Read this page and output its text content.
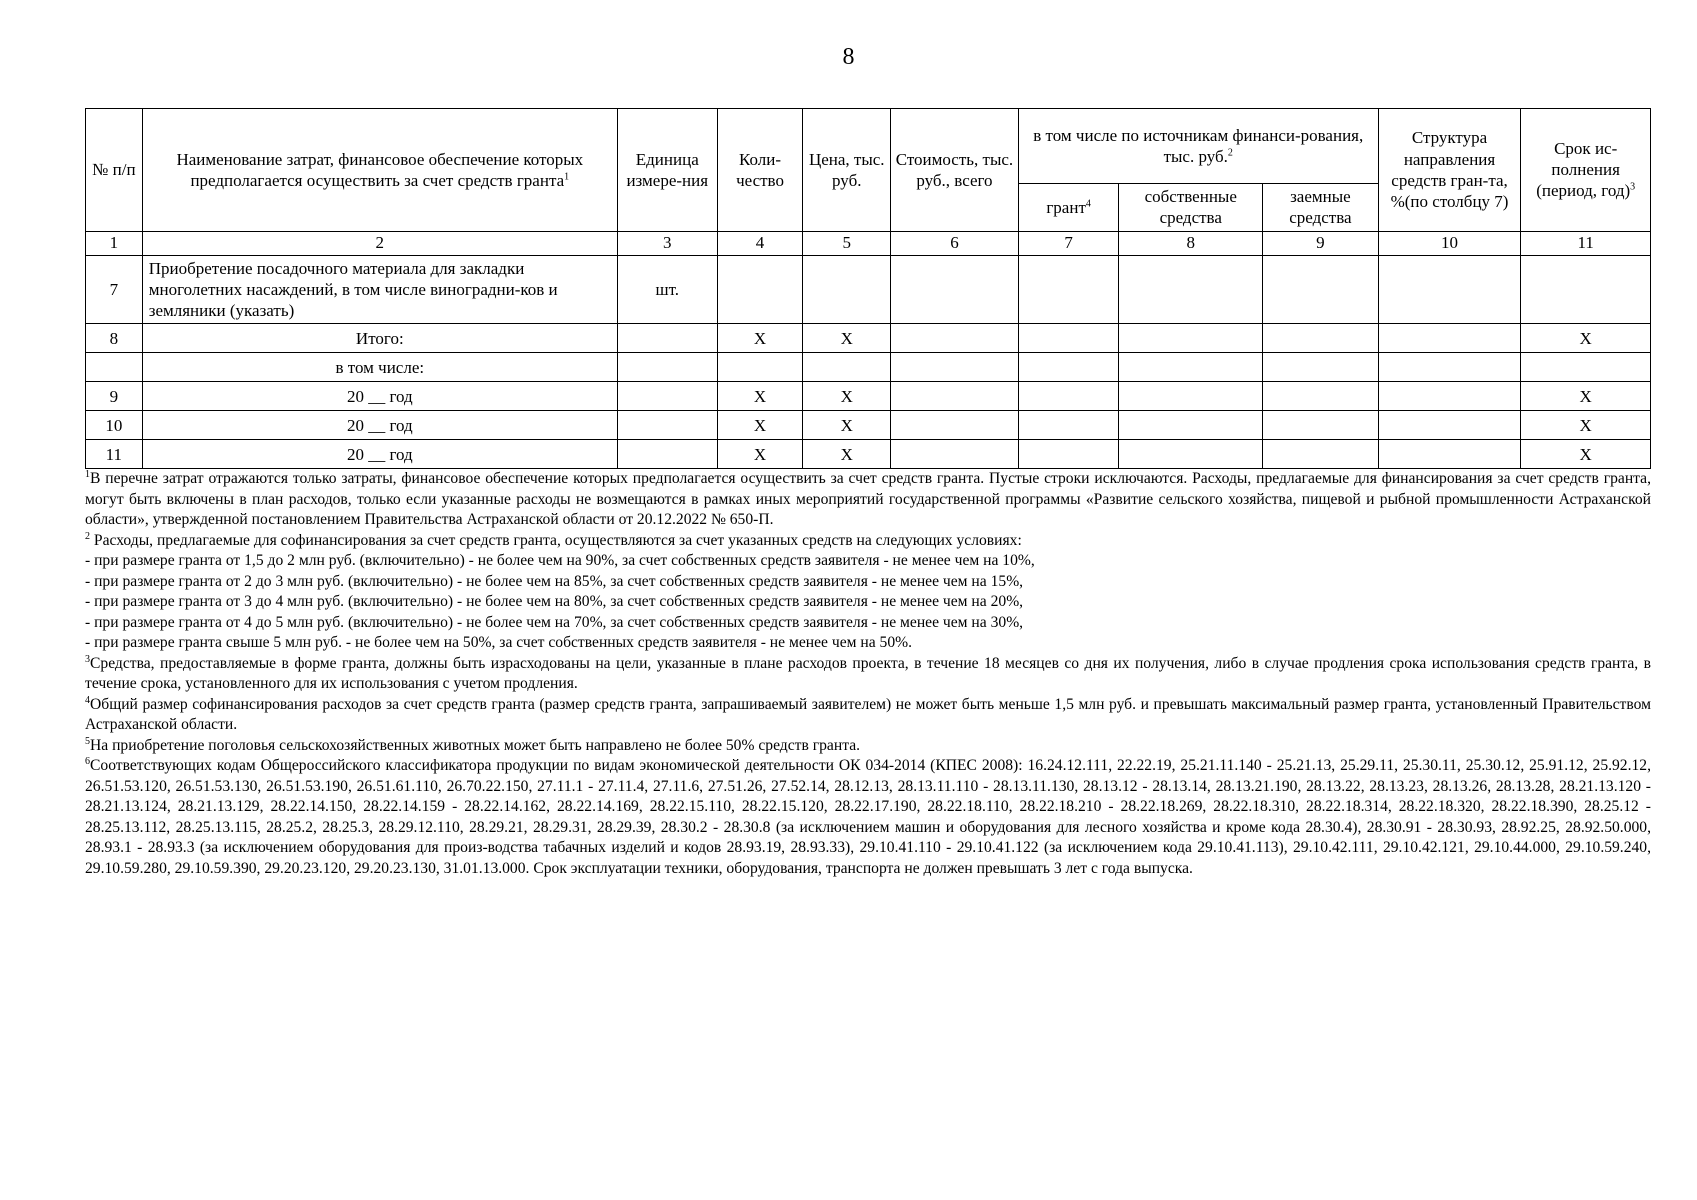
8
№ п/п	Наименование затрат, финансовое обеспечение которых предполагается осуществить за счет средств гранта$^1$	Единица измере-ния	Коли-чество	Цена, тыс. руб.	Стоимость, тыс. руб., всего	в том числе по источникам финанси-рования, тыс. руб.$^2$			Структура направления средств гран-та, %(по столбцу 7)	Срок ис-полнения (период, год)$^3$
						грант$^4$	собственные средства	заемные средства		
1	2	3	4	5	6	7	8	9	10	11
7	Приобретение посадочного материала для закладки многолетних насаждений, в том числе виноградни-ков и земляники (указать)	шт.								
8	Итого:		X	X						X
	в том числе:									
9	20 __ год		X	X						X
10	20 __ год		X	X						X
11	20 __ год		X	X						X

$^1$В перечне затрат отражаются только затраты, финансовое обеспечение которых предполагается осуществить за счет средств гранта. Пустые строки исключаются. Расходы, предлагаемые для финансирования за счет средств гранта, могут быть включены в план расходов, только если указанные расходы не возмещаются в рамках иных мероприятий государственной программы «Развитие сельского хозяйства, пищевой и рыбной промышленности Астраханской области», утвержденной постановлением Правительства Астраханской области от 20.12.2022 № 650-П.

$^2$ Расходы, предлагаемые для софинансирования за счет средств гранта, осуществляются за счет указанных средств на следующих условиях:

- при размере гранта от 1,5 до 2 млн руб. (включительно) - не более чем на 90%, за счет собственных средств заявителя - не менее чем на 10%,

- при размере гранта от 2 до 3 млн руб. (включительно) - не более чем на 85%, за счет собственных средств заявителя - не менее чем на 15%,

- при размере гранта от 3 до 4 млн руб. (включительно) - не более чем на 80%, за счет собственных средств заявителя - не менее чем на 20%,

- при размере гранта от 4 до 5 млн руб. (включительно) - не более чем на 70%, за счет собственных средств заявителя - не менее чем на 30%,

- при размере гранта свыше 5 млн руб. - не более чем на 50%, за счет собственных средств заявителя - не менее чем на 50%.

$^3$Средства, предоставляемые в форме гранта, должны быть израсходованы на цели, указанные в плане расходов проекта, в течение 18 месяцев со дня их получения, либо в случае продления срока использования средств гранта, в течение срока, установленного для их использования с учетом продления.

$^4$Общий размер софинансирования расходов за счет средств гранта (размер средств гранта, запрашиваемый заявителем) не может быть меньше 1,5 млн руб. и превышать максимальный размер гранта, установленный Правительством Астраханской области.

$^5$На приобретение поголовья сельскохозяйственных животных может быть направлено не более 50% средств гранта.

$^6$Соответствующих кодам Общероссийского классификатора продукции по видам экономической деятельности ОК 034-2014 (КПЕС 2008): 16.24.12.111, 22.22.19, 25.21.11.140 - 25.21.13, 25.29.11, 25.30.11, 25.30.12, 25.91.12, 25.92.12, 26.51.53.120, 26.51.53.130, 26.51.53.190, 26.51.61.110, 26.70.22.150, 27.11.1 - 27.11.4, 27.11.6, 27.51.26, 27.52.14, 28.12.13, 28.13.11.110 - 28.13.11.130, 28.13.12 - 28.13.14, 28.13.21.190, 28.13.22, 28.13.23, 28.13.26, 28.13.28, 28.21.13.120 - 28.21.13.124, 28.21.13.129, 28.22.14.150, 28.22.14.159 - 28.22.14.162, 28.22.14.169, 28.22.15.110, 28.22.15.120, 28.22.17.190, 28.22.18.110, 28.22.18.210 - 28.22.18.269, 28.22.18.310, 28.22.18.314, 28.22.18.320, 28.22.18.390, 28.25.12 - 28.25.13.112, 28.25.13.115, 28.25.2, 28.25.3, 28.29.12.110, 28.29.21, 28.29.31, 28.29.39, 28.30.2 - 28.30.8 (за исключением машин и оборудования для лесного хозяйства и кроме кода 28.30.4), 28.30.91 - 28.30.93, 28.92.25, 28.92.50.000, 28.93.1 - 28.93.3 (за исключением оборудования для произ-водства табачных изделий и кодов 28.93.19, 28.93.33), 29.10.41.110 - 29.10.41.122 (за исключением кода 29.10.41.113), 29.10.42.111, 29.10.42.121, 29.10.44.000, 29.10.59.240, 29.10.59.280, 29.10.59.390, 29.20.23.120, 29.20.23.130, 31.01.13.000. Срок эксплуатации техники, оборудования, транспорта не должен превышать 3 лет с года выпуска.
